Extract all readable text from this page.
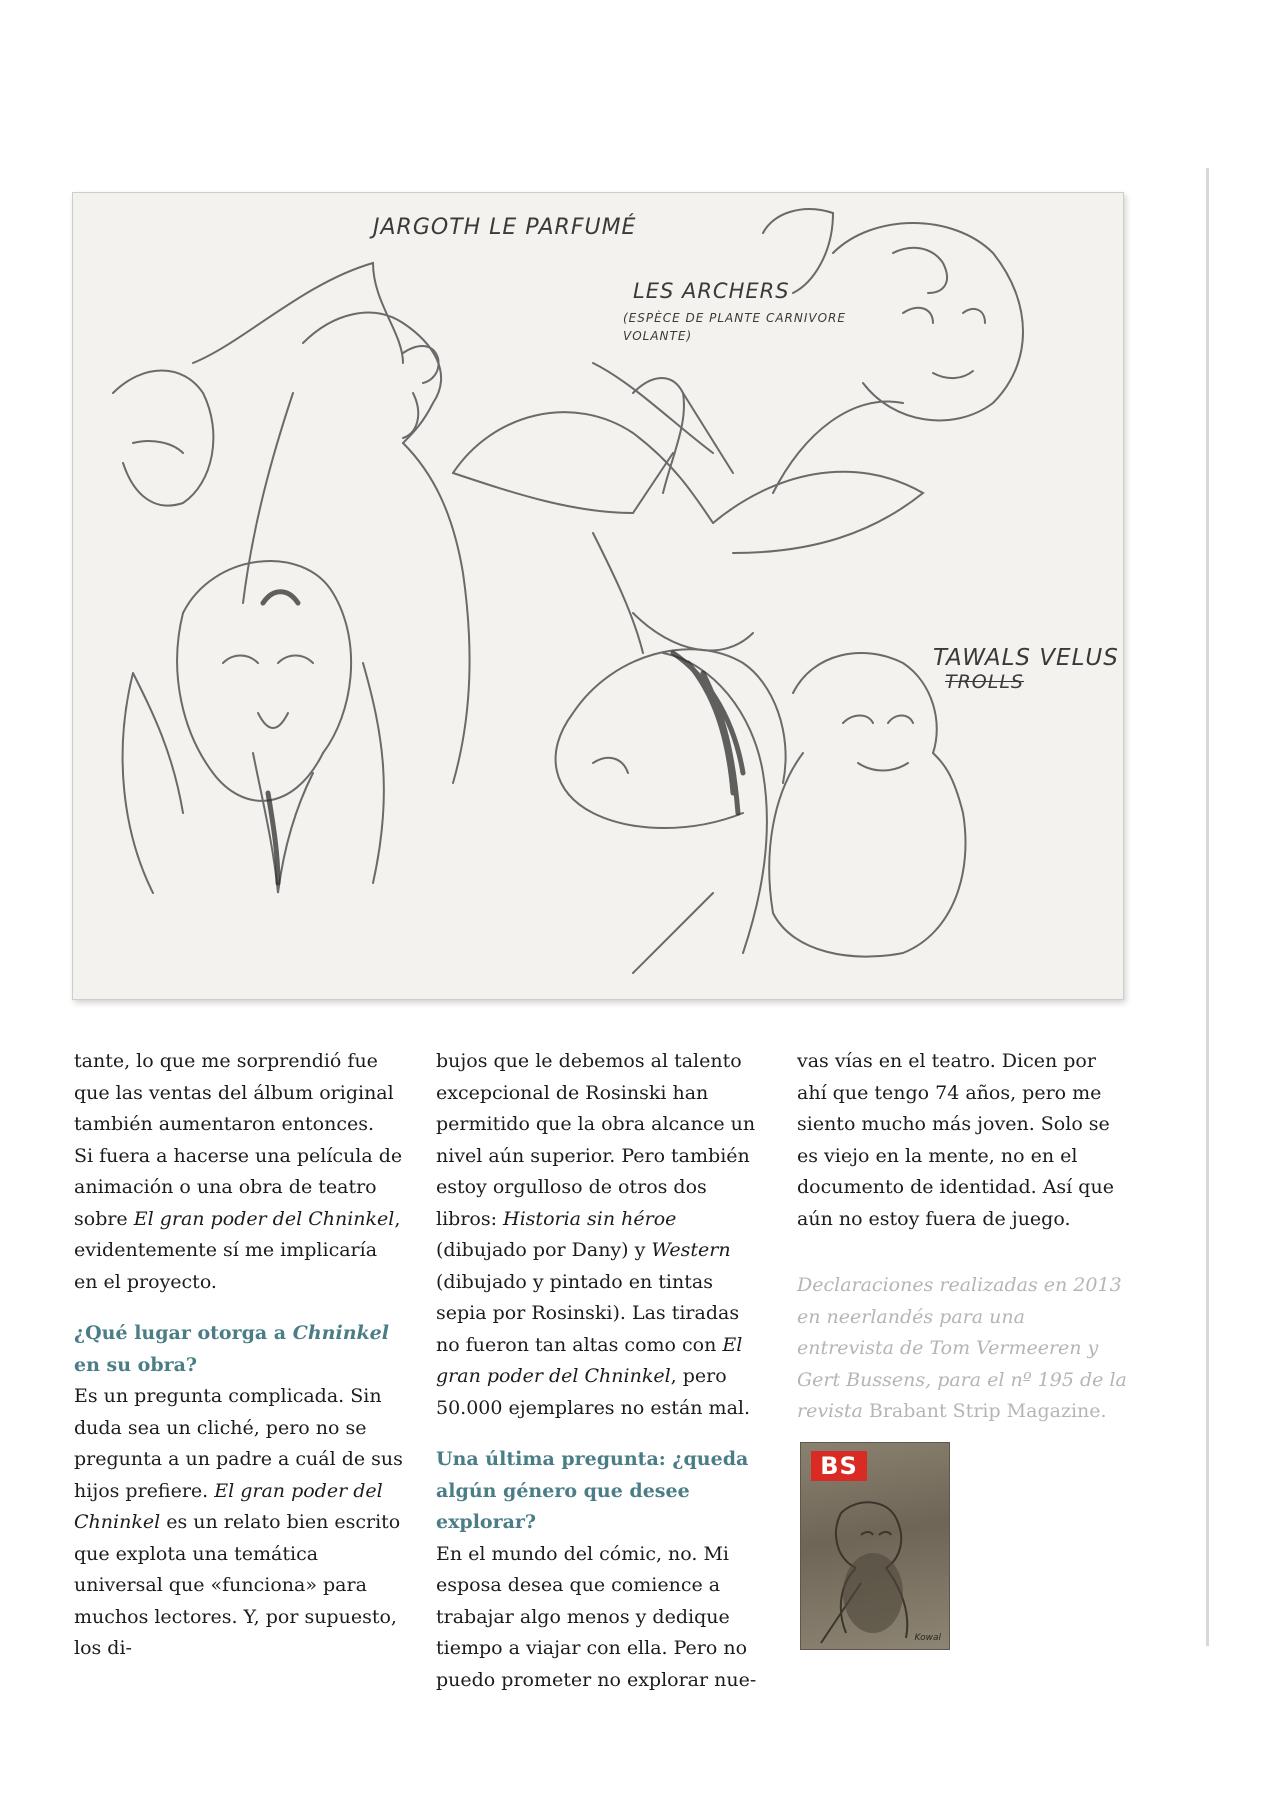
JARGOTH LE PARFUMÉ
LES ARCHERS
(ESPÈCE DE PLANTE CARNIVORE VOLANTE)
TAWALS VELUS
TROLLS

tante, lo que me sorprendió fue que las ventas del álbum original también aumentaron entonces.
Si fuera a hacerse una película de animación o una obra de teatro sobre El gran poder del Chninkel, evidentemente sí me implicaría en el proyecto.

¿Qué lugar otorga a Chninkel en su obra?

Es un pregunta complicada. Sin duda sea un cliché, pero no se pregunta a un padre a cuál de sus hijos prefiere. El gran poder del Chninkel es un relato bien escrito que explota una temática universal que «funciona» para muchos lectores. Y, por supuesto, los di-

bujos que le debemos al talento excepcional de Rosinski han permitido que la obra alcance un nivel aún superior. Pero también estoy orgulloso de otros dos libros: Historia sin héroe (dibujado por Dany) y Western (dibujado y pintado en tintas sepia por Rosinski). Las tiradas no fueron tan altas como con El gran poder del Chninkel, pero 50.000 ejemplares no están mal.

Una última pregunta: ¿queda algún género que desee explorar?

En el mundo del cómic, no. Mi esposa desea que comience a trabajar algo menos y dedique tiempo a viajar con ella. Pero no puedo prometer no explorar nue-

vas vías en el teatro. Dicen por ahí que tengo 74 años, pero me siento mucho más joven. Solo se es viejo en la mente, no en el documento de identidad. Así que aún no estoy fuera de juego.

Declaraciones realizadas en 2013 en neerlandés para una entrevista de Tom Vermeeren y Gert Bussens, para el nº 195 de la revista Brabant Strip Magazine.
BS
Kowal
